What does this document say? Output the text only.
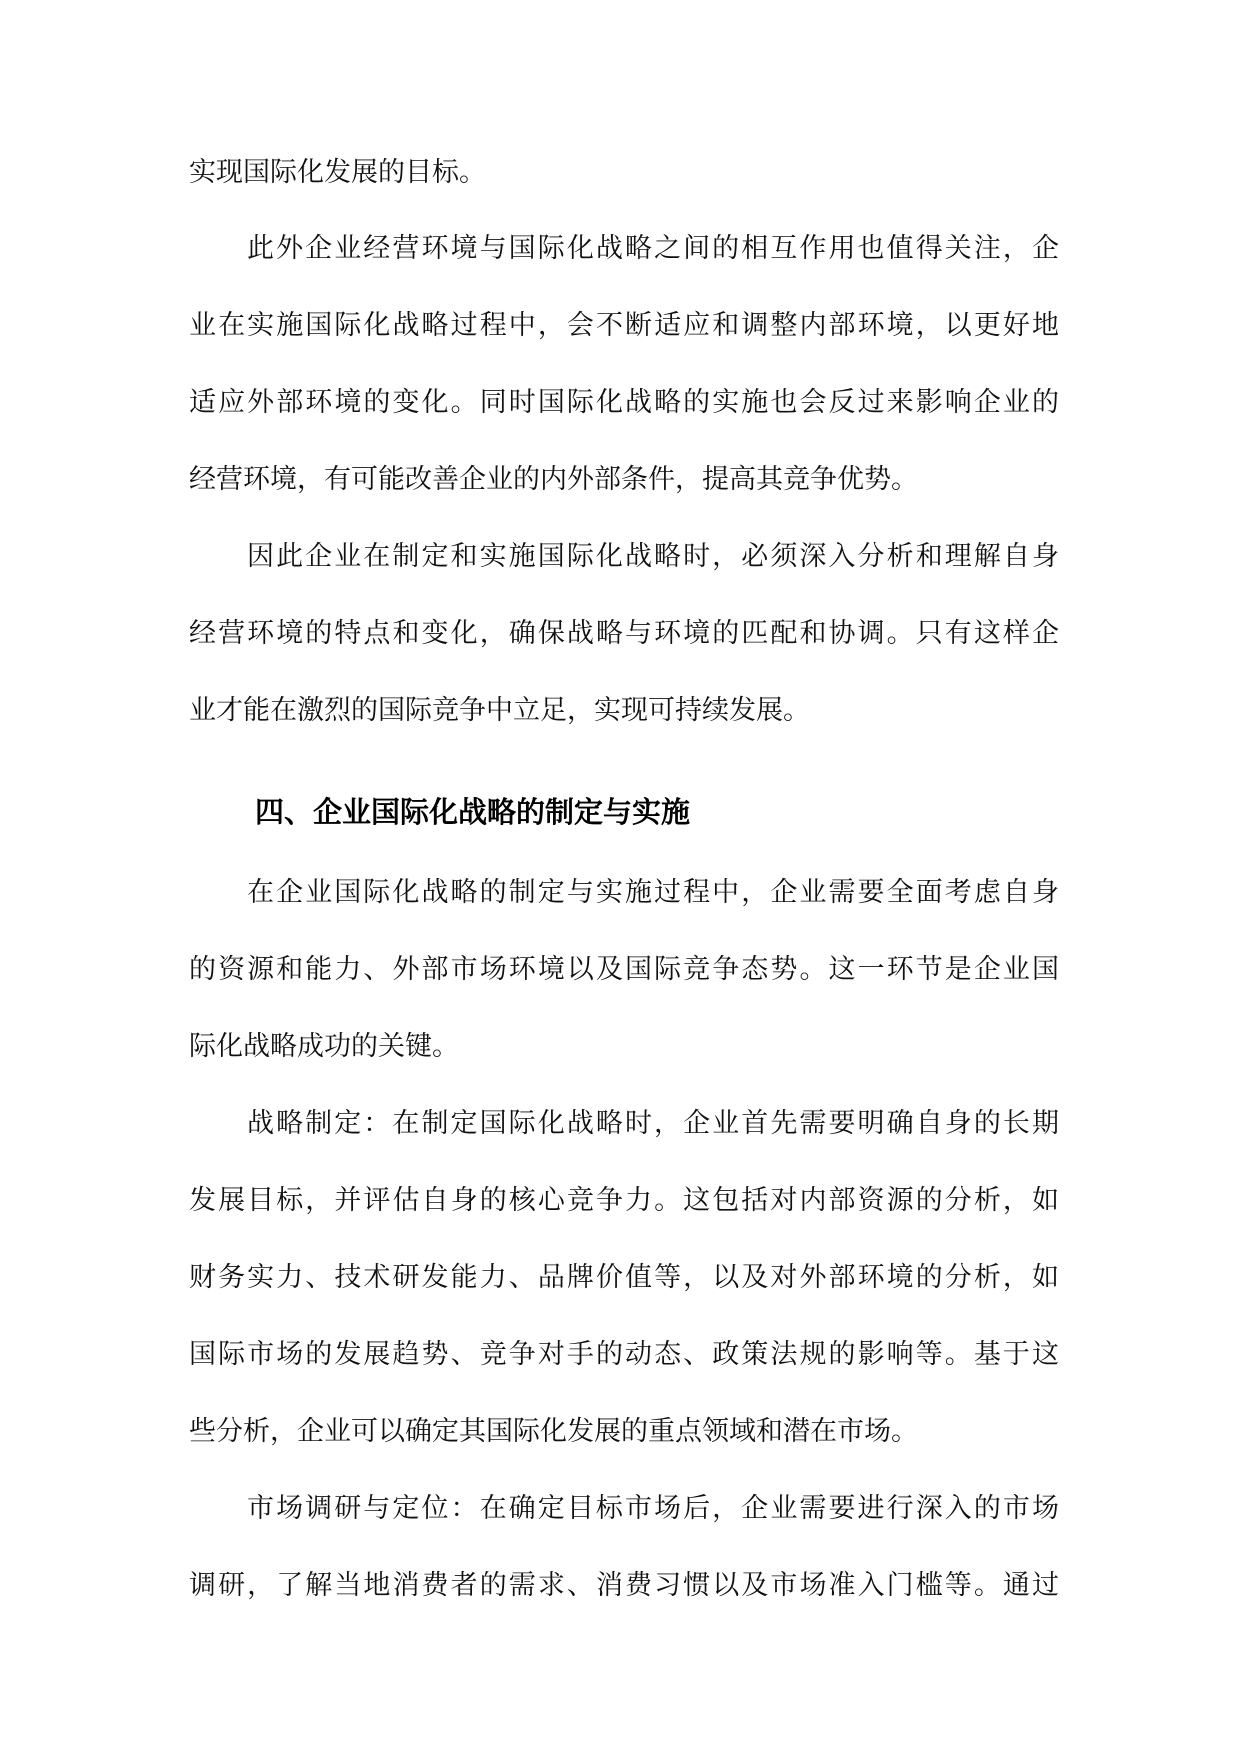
实现国际化发展的目标。
此外企业经营环境与国际化战略之间的相互作用也值得关注，企
业在实施国际化战略过程中，会不断适应和调整内部环境，以更好地
适应外部环境的变化。同时国际化战略的实施也会反过来影响企业的
经营环境，有可能改善企业的内外部条件，提高其竞争优势。
因此企业在制定和实施国际化战略时，必须深入分析和理解自身
经营环境的特点和变化，确保战略与环境的匹配和协调。只有这样企
业才能在激烈的国际竞争中立足，实现可持续发展。
四、企业国际化战略的制定与实施
在企业国际化战略的制定与实施过程中，企业需要全面考虑自身
的资源和能力、外部市场环境以及国际竞争态势。这一环节是企业国
际化战略成功的关键。
战略制定：在制定国际化战略时，企业首先需要明确自身的长期
发展目标，并评估自身的核心竞争力。这包括对内部资源的分析，如
财务实力、技术研发能力、品牌价值等，以及对外部环境的分析，如
国际市场的发展趋势、竞争对手的动态、政策法规的影响等。基于这
些分析，企业可以确定其国际化发展的重点领域和潜在市场。
市场调研与定位：在确定目标市场后，企业需要进行深入的市场
调研，了解当地消费者的需求、消费习惯以及市场准入门槛等。通过
